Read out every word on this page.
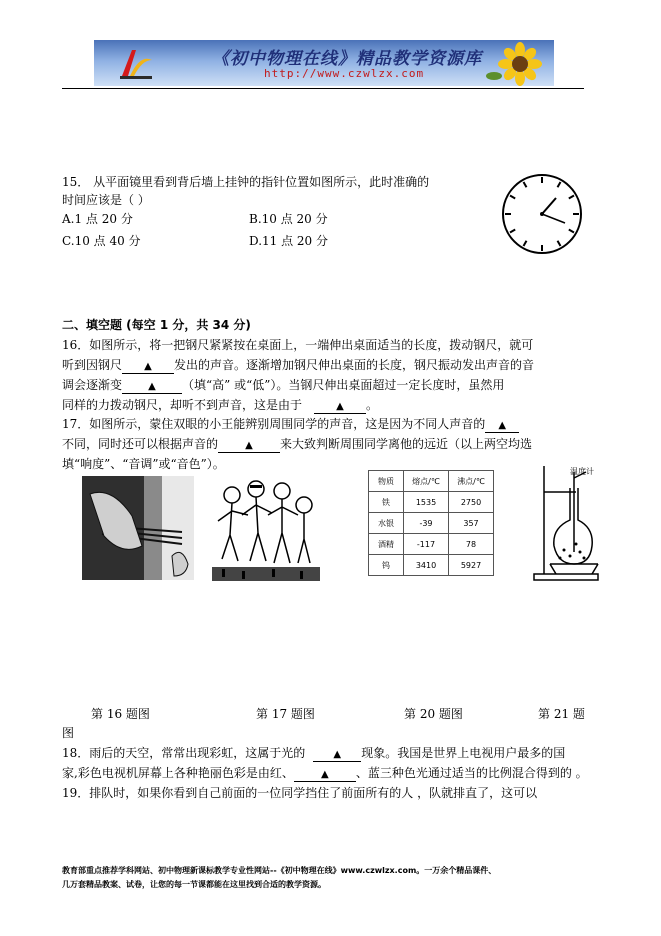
《初中物理在线》精品教学资源库
http://www.czwlzx.com
15． 从平面镜里看到背后墙上挂钟的指针位置如图所示，此时准确的
时间应该是（ ）
A.1 点 20 分	B.10 点 20 分
C.10 点 40 分	D.11 点 20 分
二、填空题 (每空 1 分，共 34 分)
16．如图所示，将一把钢尺紧紧按在桌面上，一端伸出桌面适当的长度，拨动钢尺，就可
听到因钢尺 ▲ 发出的声音。逐渐增加钢尺伸出桌面的长度，钢尺振动发出声音的音
调会逐渐变	▲ （填“高” 或“低”）。当钢尺伸出桌面超过一定长度时，虽然用
同样的力拨动钢尺，却听不到声音，这是由于	▲ 。
17．如图所示，蒙住双眼的小王能辨别周围同学的声音，这是因为不同人声音的 ▲
不同，同时还可以根据声音的	▲ 来大致判断周围同学离他的远近（以上两空均选
填“响度”、“音调”或“音色”）。
物质	熔点/℃	沸点/℃
铁	1535	2750
水银	-39	357
酒精	-117	78
钨	3410	5927
温度计
第 16 题图	第 17 题图	第 20 题图	第 21 题
图
18．雨后的天空，常常出现彩虹，这属于光的	▲ 现象。我国是世界上电视用户最多的国
家,彩色电视机屏幕上各种艳丽色彩是由红、	▲ 、蓝三种色光通过适当的比例混合得到的 。
19．排队时，如果你看到自己前面的一位同学挡住了前面所有的人 ，队就排直了，这可以
教育部重点推荐学科网站、初中物理新课标教学专业性网站--《初中物理在线》www.czwlzx.com。一万余个精品课件、
几万套精品教案、试卷，让您的每一节课都能在这里找到合适的教学资源。
